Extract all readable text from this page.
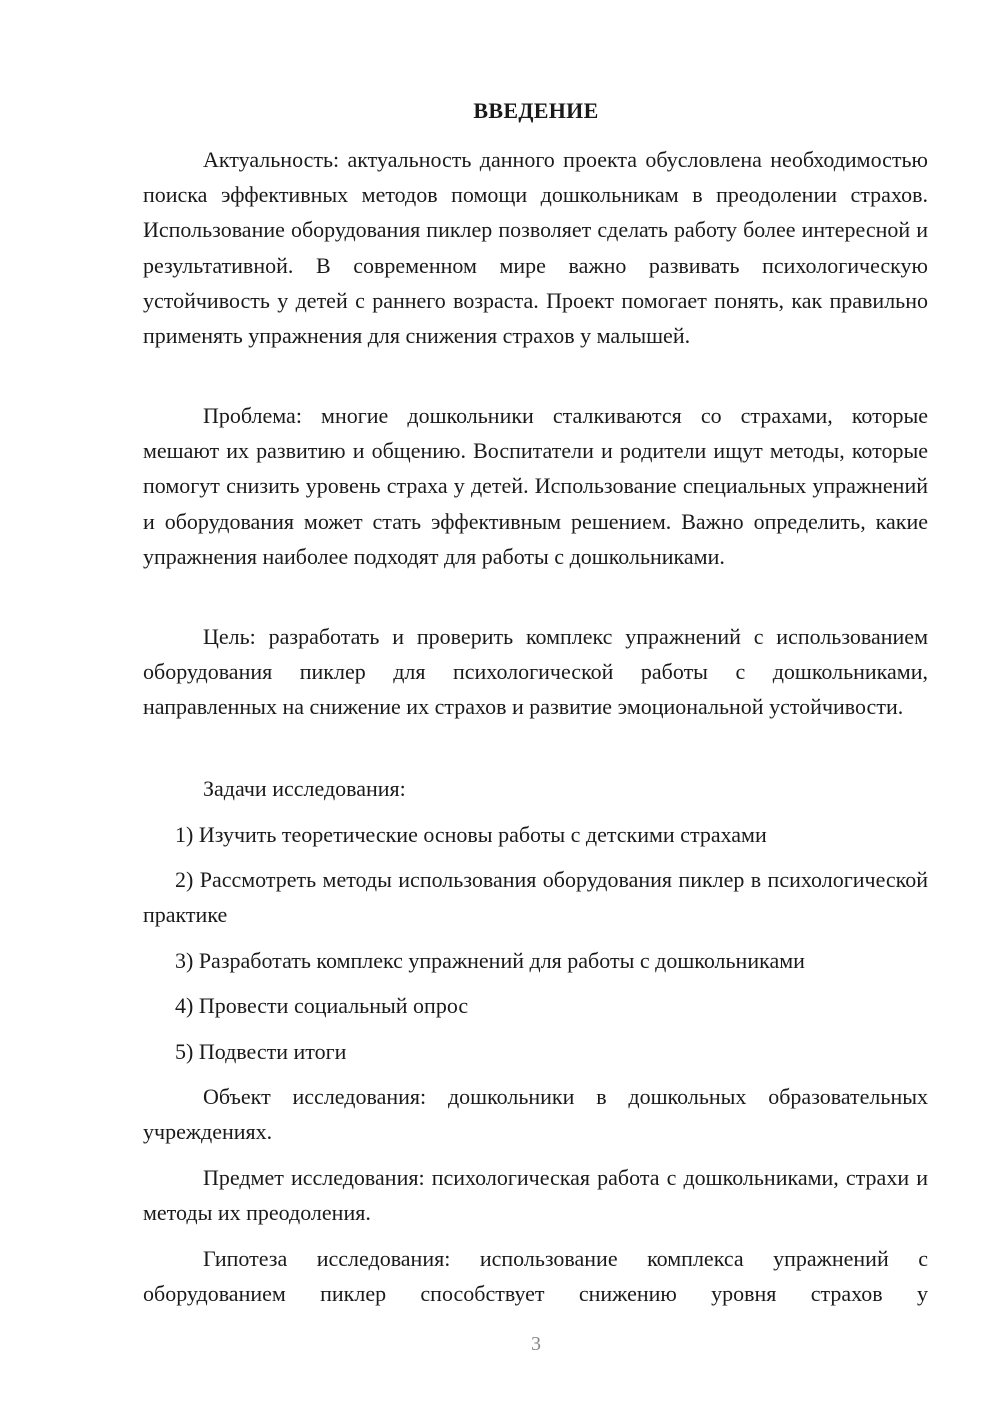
ВВЕДЕНИЕ

Актуальность: актуальность данного проекта обусловлена необходимостью поиска эффективных методов помощи дошкольникам в преодолении страхов. Использование оборудования пиклер позволяет сделать работу более интересной и результативной. В современном мире важно развивать психологическую устойчивость у детей с раннего возраста. Проект помогает понять, как правильно применять упражнения для снижения страхов у малышей.

Проблема: многие дошкольники сталкиваются со страхами, которые мешают их развитию и общению. Воспитатели и родители ищут методы, которые помогут снизить уровень страха у детей. Использование специальных упражнений и оборудования может стать эффективным решением. Важно определить, какие упражнения наиболее подходят для работы с дошкольниками.

Цель: разработать и проверить комплекс упражнений с использованием оборудования пиклер для психологической работы с дошкольниками, направленных на снижение их страхов и развитие эмоциональной устойчивости.

Задачи исследования:

1) Изучить теоретические основы работы с детскими страхами

2) Рассмотреть методы использования оборудования пиклер в психологической практике

3) Разработать комплекс упражнений для работы с дошкольниками

4) Провести социальный опрос

5) Подвести итоги

Объект исследования: дошкольники в дошкольных образовательных учреждениях.

Предмет исследования: психологическая работа с дошкольниками, страхи и методы их преодоления.

Гипотеза исследования: использование комплекса упражнений с оборудованием пиклер способствует снижению уровня страхов у

3
